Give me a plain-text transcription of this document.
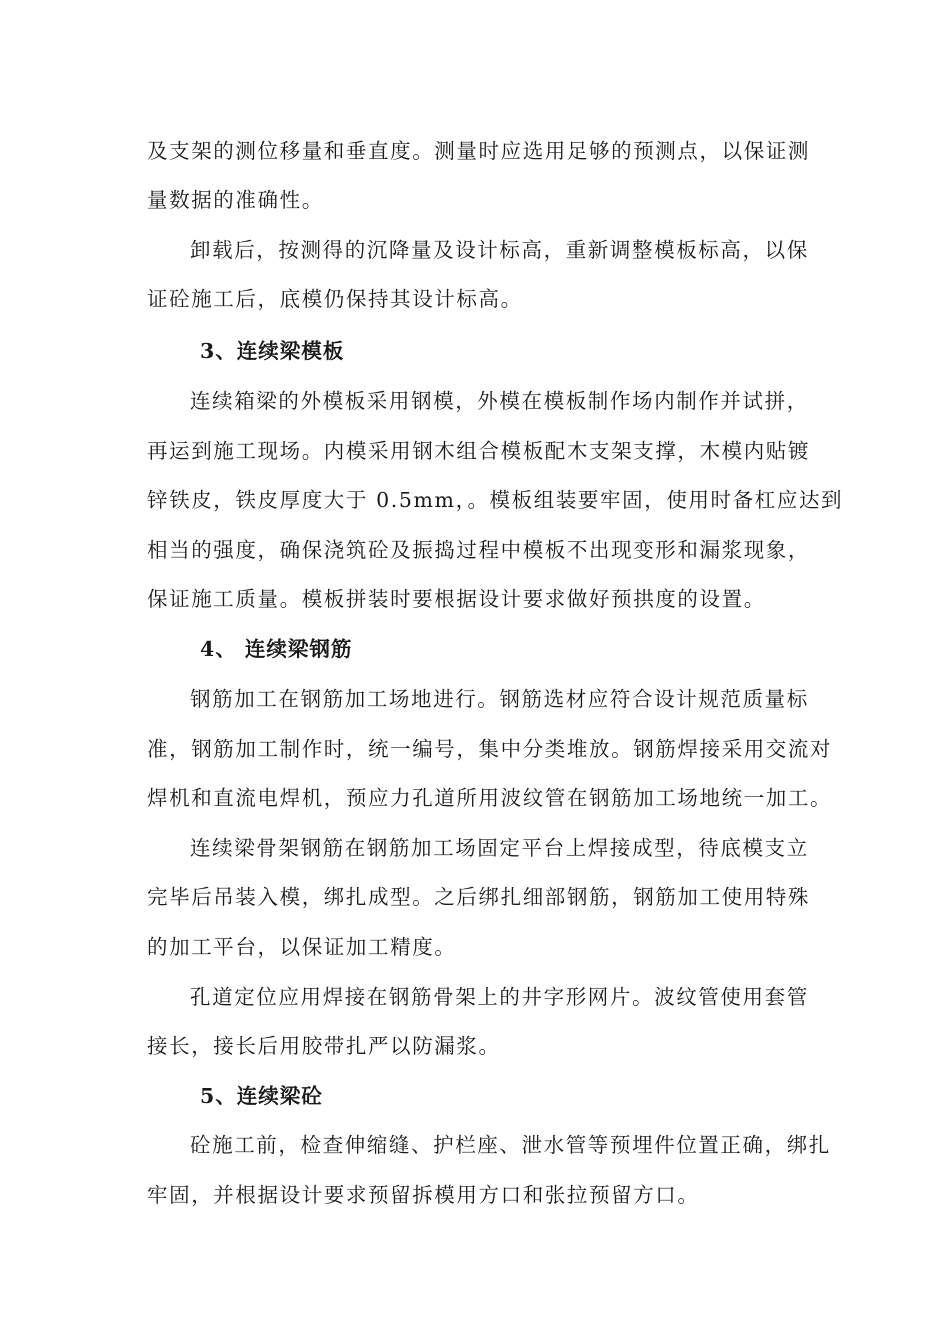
及支架的测位移量和垂直度。测量时应选用足够的预测点，以保证测
量数据的准确性。
卸载后，按测得的沉降量及设计标高，重新调整模板标高，以保
证砼施工后，底模仍保持其设计标高。
3、连续梁模板
连续箱梁的外模板采用钢模，外模在模板制作场内制作并试拼，
再运到施工现场。内模采用钢木组合模板配木支架支撑，木模内贴镀
锌铁皮，铁皮厚度大于 0.5mm，。模板组装要牢固，使用时备杠应达到
相当的强度，确保浇筑砼及振捣过程中模板不出现变形和漏浆现象，
保证施工质量。模板拼装时要根据设计要求做好预拱度的设置。
4、 连续梁钢筋
钢筋加工在钢筋加工场地进行。钢筋选材应符合设计规范质量标
准，钢筋加工制作时，统一编号，集中分类堆放。钢筋焊接采用交流对
焊机和直流电焊机，预应力孔道所用波纹管在钢筋加工场地统一加工。
连续梁骨架钢筋在钢筋加工场固定平台上焊接成型，待底模支立
完毕后吊装入模，绑扎成型。之后绑扎细部钢筋，钢筋加工使用特殊
的加工平台，以保证加工精度。
孔道定位应用焊接在钢筋骨架上的井字形网片。波纹管使用套管
接长，接长后用胶带扎严以防漏浆。
5、连续梁砼
砼施工前，检查伸缩缝、护栏座、泄水管等预埋件位置正确，绑扎
牢固，并根据设计要求预留拆模用方口和张拉预留方口。
